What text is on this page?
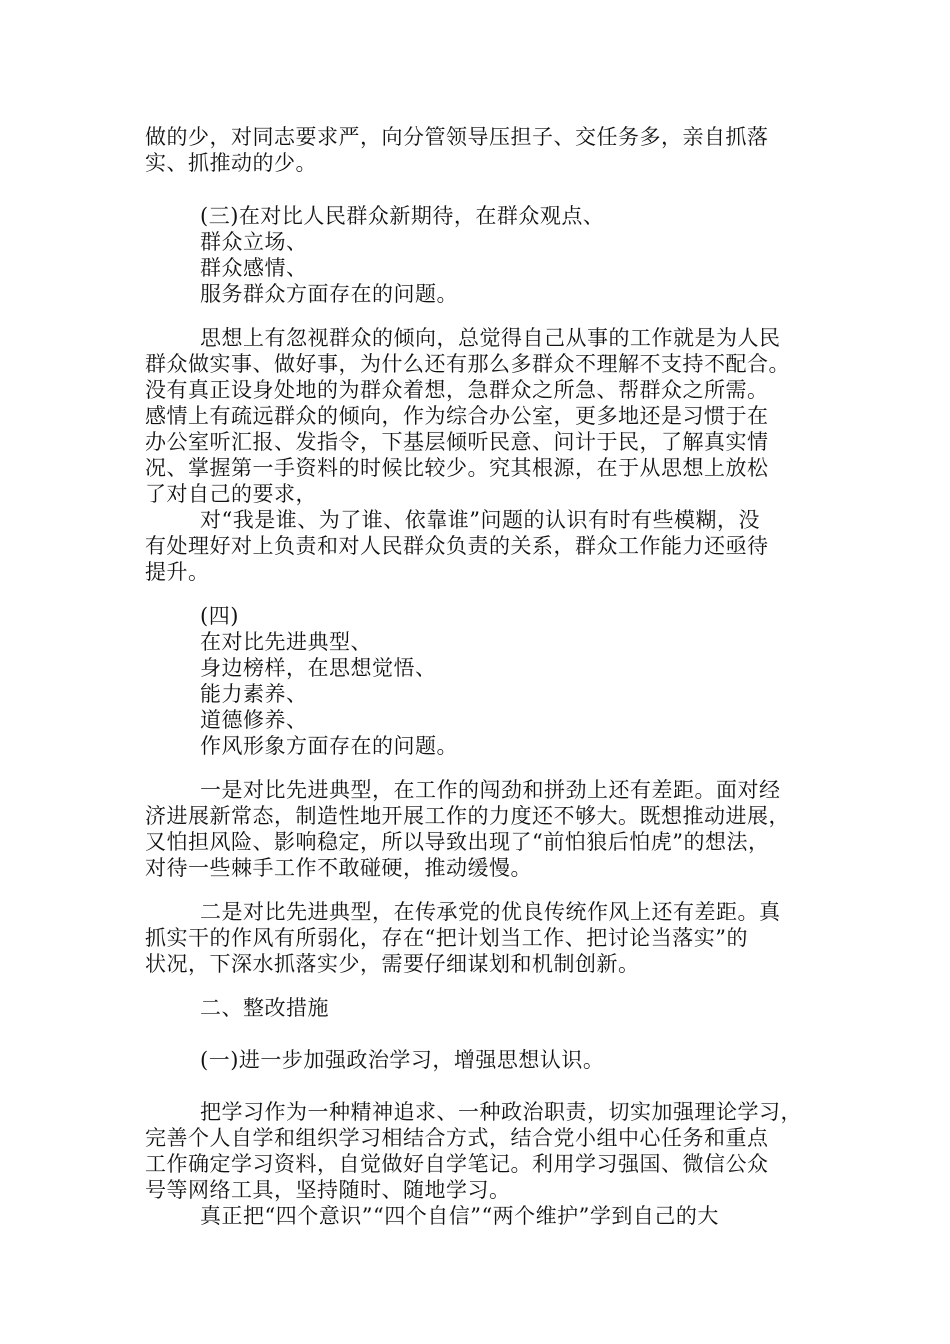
做的少，对同志要求严，向分管领导压担子、交任务多，亲自抓落
实、抓推动的少。
(三)在对比人民群众新期待，在群众观点、
群众立场、
群众感情、
服务群众方面存在的问题。
思想上有忽视群众的倾向，总觉得自己从事的工作就是为人民
群众做实事、做好事，为什么还有那么多群众不理解不支持不配合。
没有真正设身处地的为群众着想，急群众之所急、帮群众之所需。
感情上有疏远群众的倾向，作为综合办公室，更多地还是习惯于在
办公室听汇报、发指令，下基层倾听民意、问计于民，了解真实情
况、掌握第一手资料的时候比较少。究其根源，在于从思想上放松
了对自己的要求，
对“我是谁、为了谁、依靠谁”问题的认识有时有些模糊，没
有处理好对上负责和对人民群众负责的关系，群众工作能力还亟待
提升。
(四)
在对比先进典型、
身边榜样，在思想觉悟、
能力素养、
道德修养、
作风形象方面存在的问题。
一是对比先进典型，在工作的闯劲和拼劲上还有差距。面对经
济进展新常态，制造性地开展工作的力度还不够大。既想推动进展，
又怕担风险、影响稳定，所以导致出现了“前怕狼后怕虎”的想法，
对待一些棘手工作不敢碰硬，推动缓慢。
二是对比先进典型，在传承党的优良传统作风上还有差距。真
抓实干的作风有所弱化，存在“把计划当工作、把讨论当落实”的
状况，下深水抓落实少，需要仔细谋划和机制创新。
二、整改措施
(一)进一步加强政治学习，增强思想认识。
把学习作为一种精神追求、一种政治职责，切实加强理论学习，
完善个人自学和组织学习相结合方式，结合党小组中心任务和重点
工作确定学习资料，自觉做好自学笔记。利用学习强国、微信公众
号等网络工具，坚持随时、随地学习。
真正把“四个意识”“四个自信”“两个维护”学到自己的大
